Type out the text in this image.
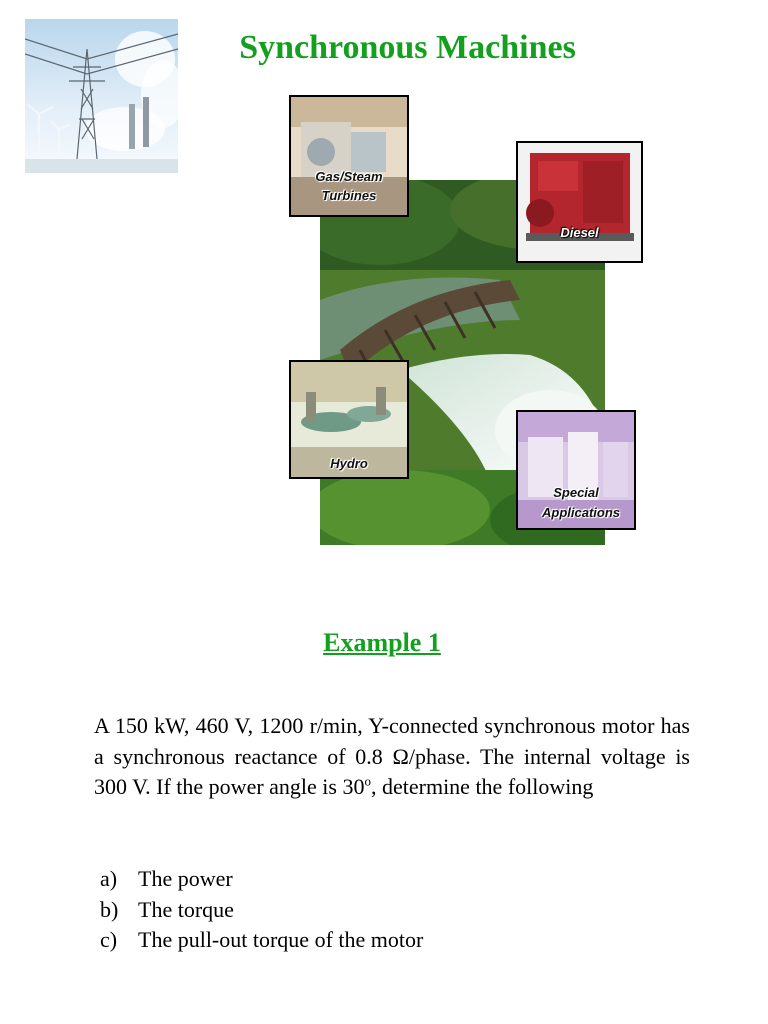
Synchronous Machines
Gas/Steam Turbines
Diesel
Hydro
Special Applications
Example 1

A 150 kW, 460 V, 1200 r/min, Y-connected synchronous motor has a synchronous reactance of 0.8 Ω/phase. The internal voltage is 300 V. If the power angle is 30$^o$, determine the following

a) The power
b) The torque
c) The pull-out torque of the motor
